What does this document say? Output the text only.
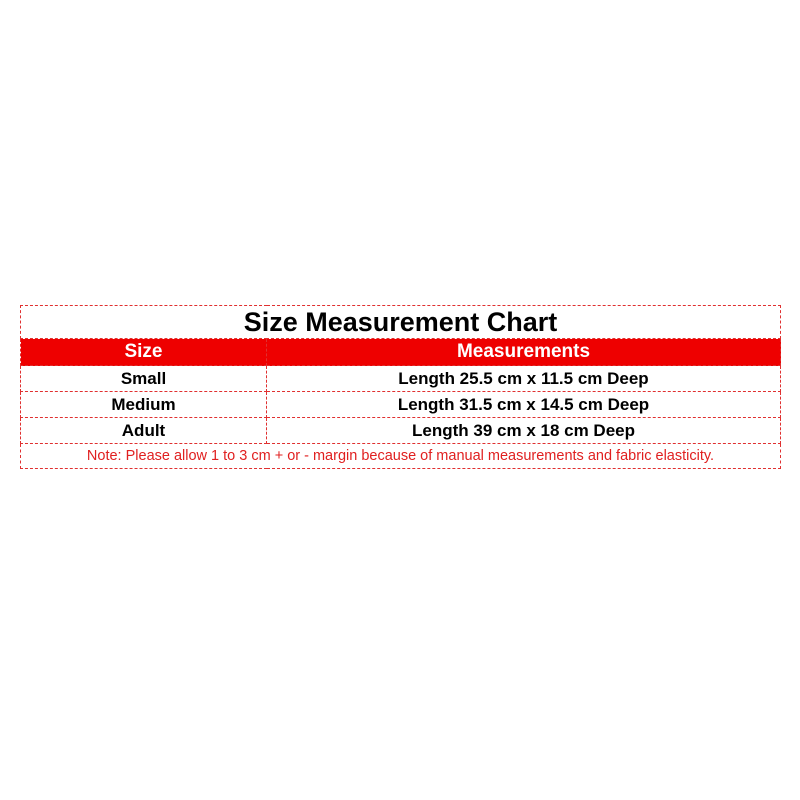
Size Measurement Chart	
Size	Measurements
Small	Length 25.5 cm x 11.5 cm Deep
Medium	Length 31.5 cm x 14.5 cm Deep
Adult	Length 39 cm x 18 cm Deep
Note: Please allow 1 to 3 cm + or - margin because of manual measurements and fabric elasticity.	
